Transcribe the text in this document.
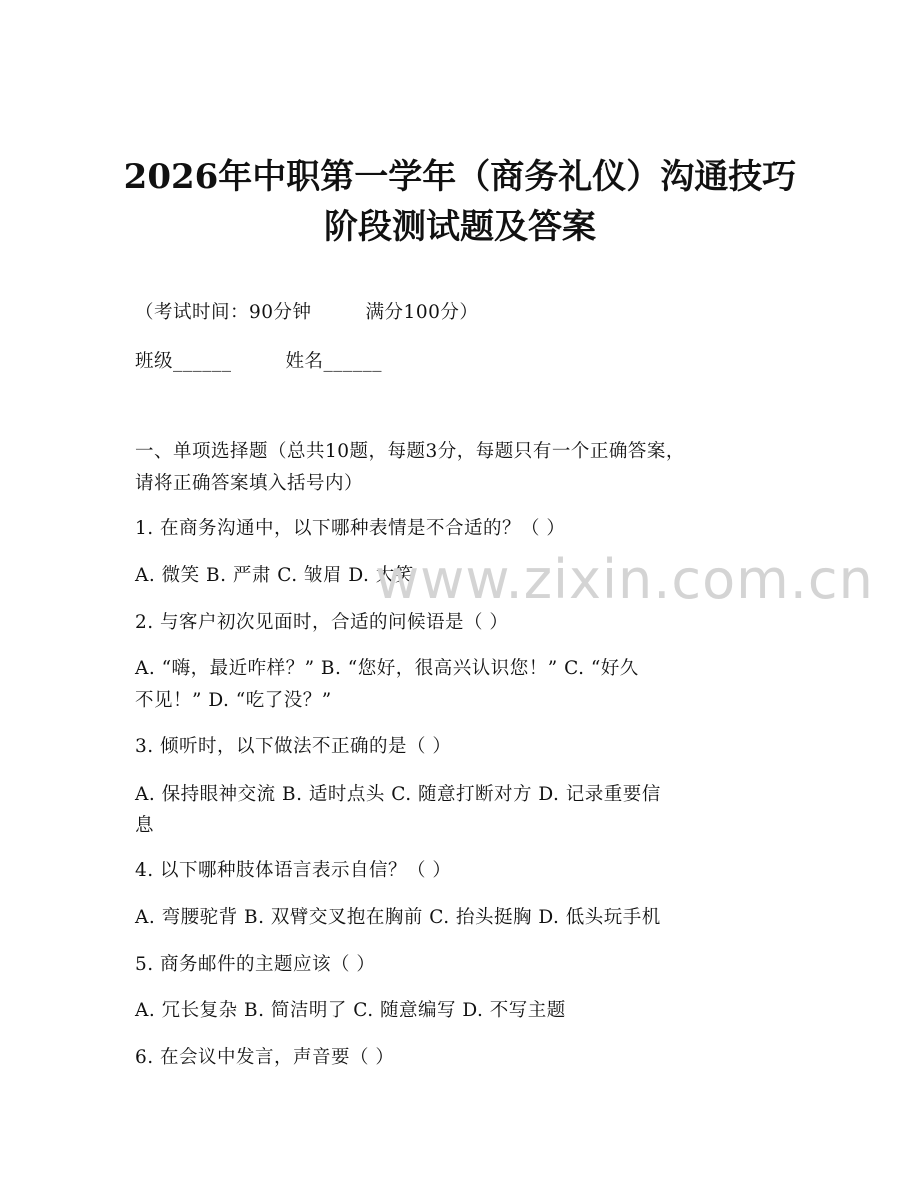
2026年中职第一学年（商务礼仪）沟通技巧
阶段测试题及答案
（考试时间：90分钟	满分100分）
班级______	姓名______
一、单项选择题（总共10题，每题3分，每题只有一个正确答案，
请将正确答案填入括号内）
1. 在商务沟通中，以下哪种表情是不合适的？（ ）
A. 微笑 B. 严肃 C. 皱眉 D. 大笑
2. 与客户初次见面时，合适的问候语是（ ）
A. “嗨，最近咋样？” B. “您好，很高兴认识您！” C. “好久
不见！” D. “吃了没？”
3. 倾听时，以下做法不正确的是（ ）
A. 保持眼神交流 B. 适时点头 C. 随意打断对方 D. 记录重要信
息
4. 以下哪种肢体语言表示自信？（ ）
A. 弯腰驼背 B. 双臂交叉抱在胸前 C. 抬头挺胸 D. 低头玩手机
5. 商务邮件的主题应该（ ）
A. 冗长复杂 B. 简洁明了 C. 随意编写 D. 不写主题
6. 在会议中发言，声音要（ ）
www.zixin.com.cn
